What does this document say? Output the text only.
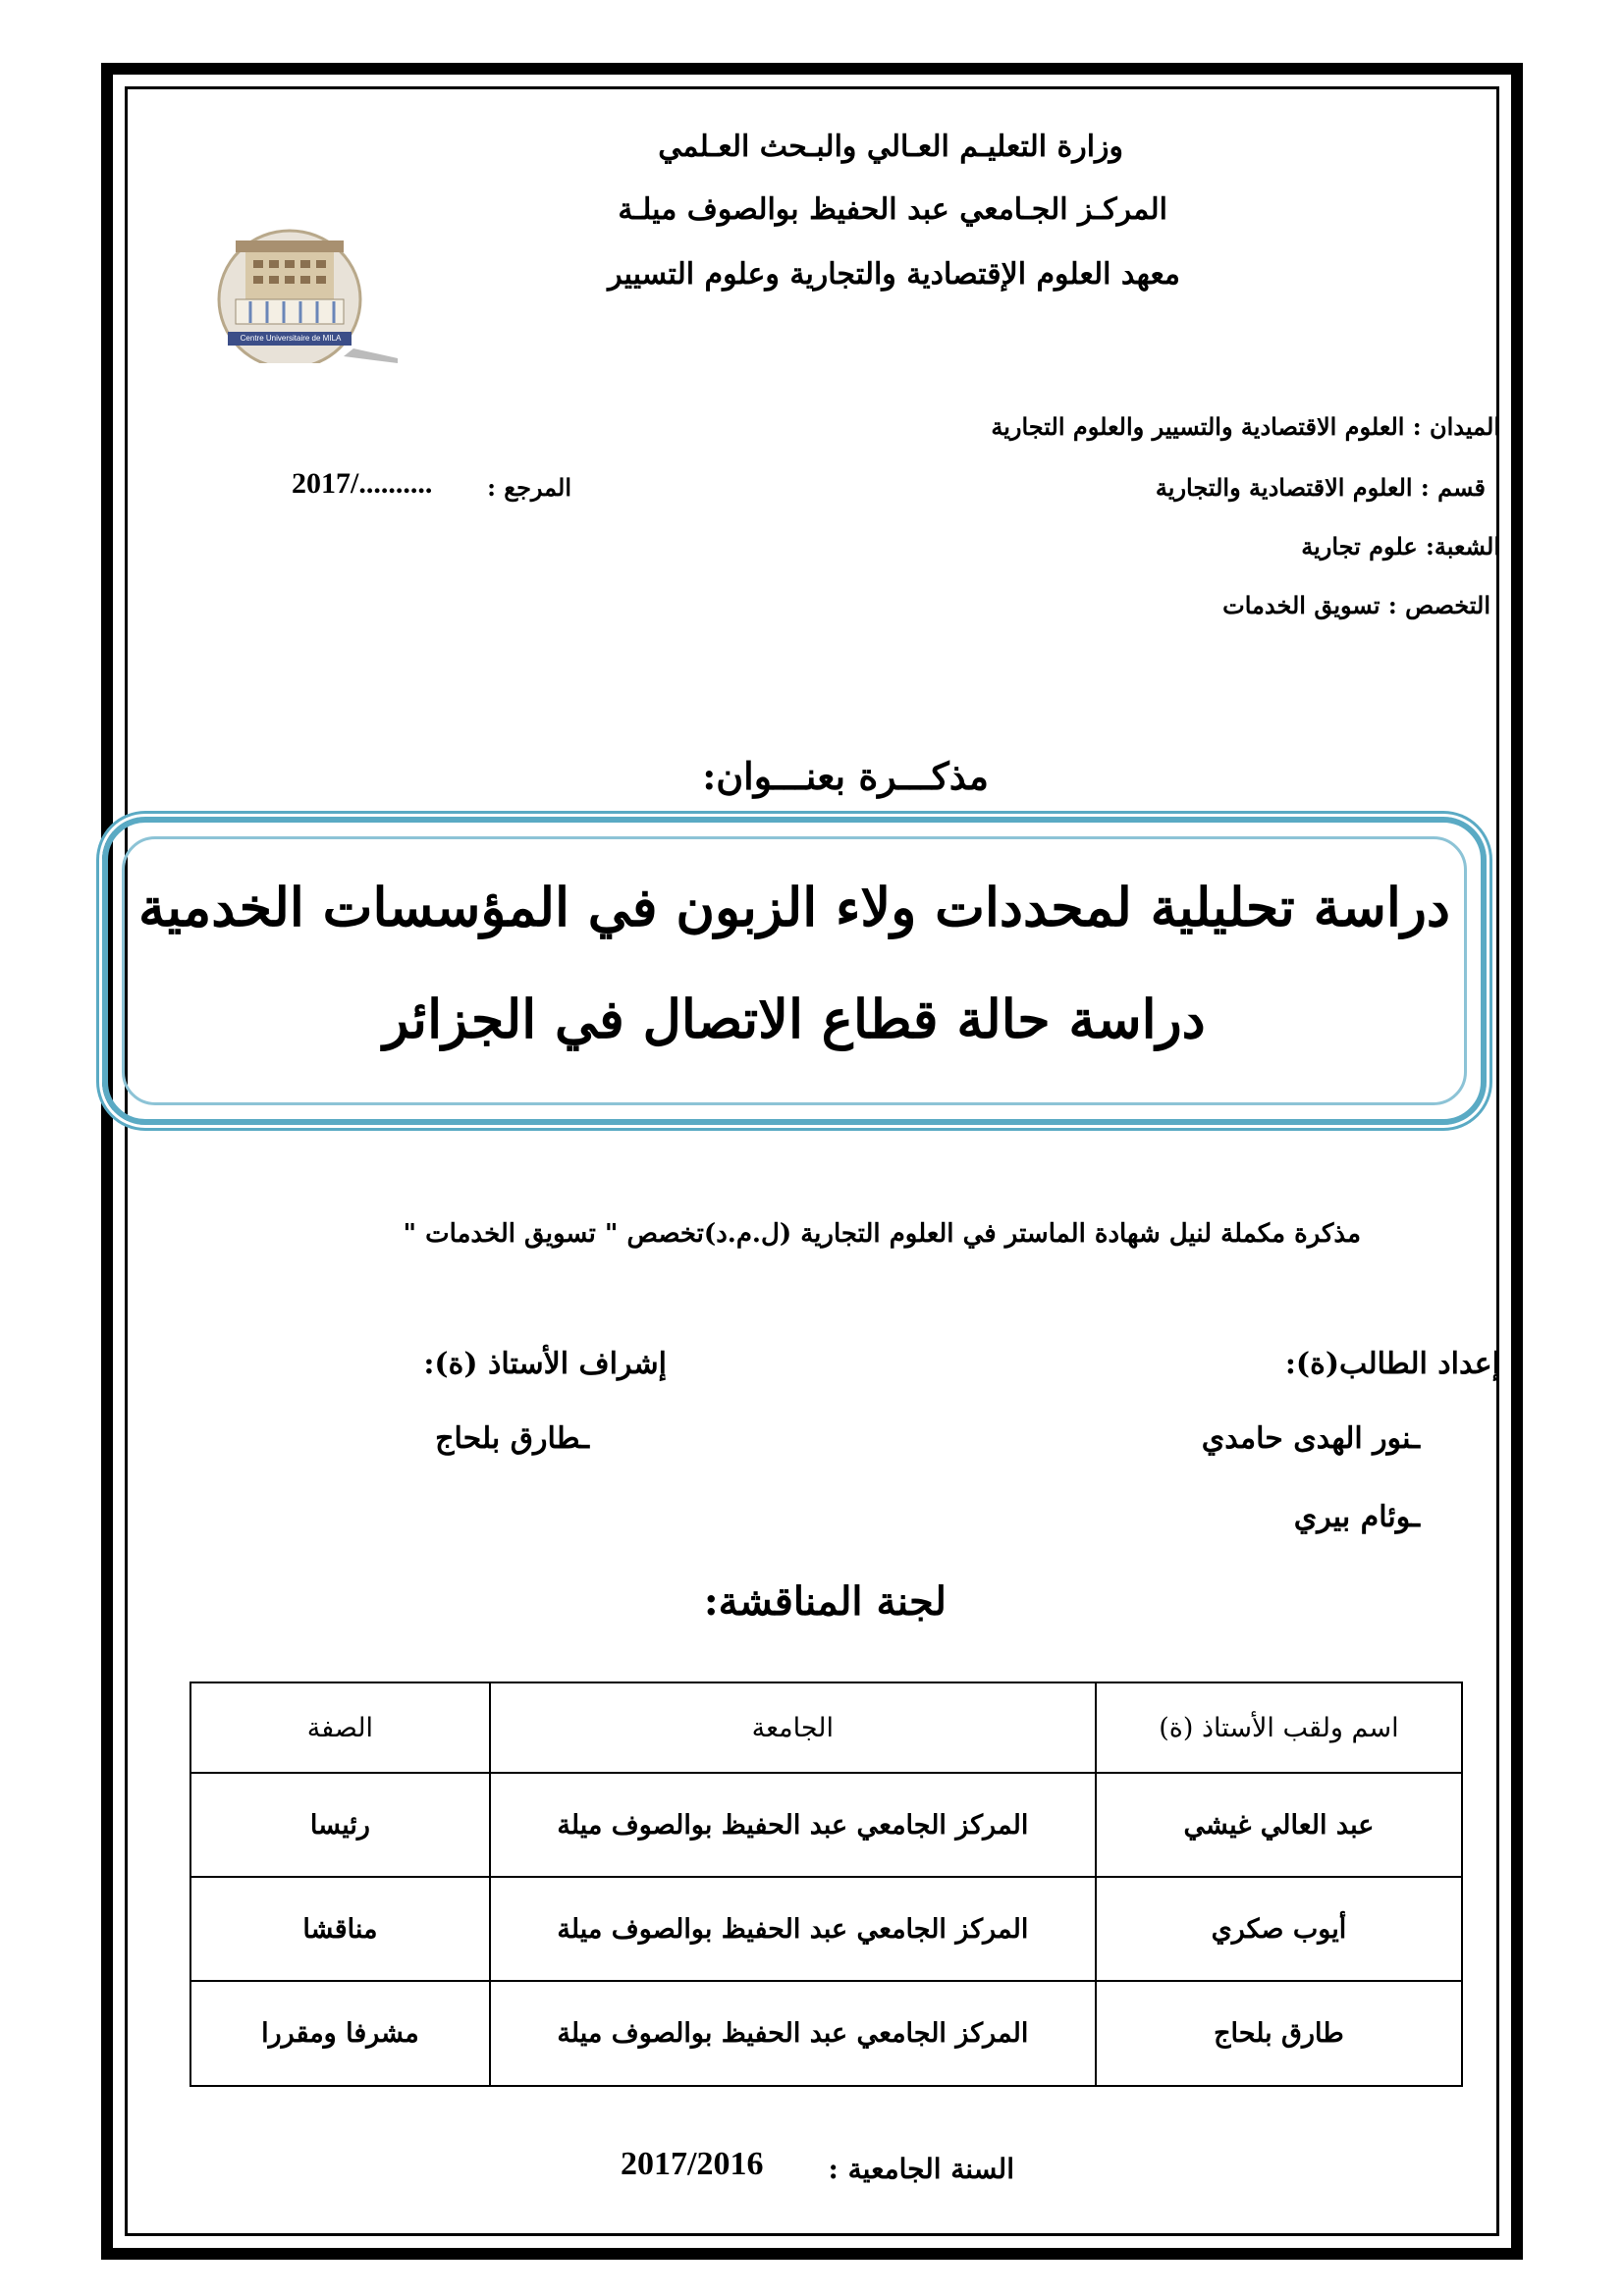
وزارة التعليـم العـالي والبـحث العـلمي
المركـز الجـامعي عبد الحفيظ بوالصوف ميلـة
معهد العلوم الإقتصادية والتجارية وعلوم التسيير
Centre Universitaire de MILA
الميدان : العلوم الاقتصادية والتسيير والعلوم التجارية
قسم : العلوم الاقتصادية والتجارية
الشعبة: علوم تجارية
التخصص : تسويق الخدمات
المرجع :
2017/..........
مذكـــرة بعنـــوان:
دراسة تحليلية لمحددات ولاء الزبون في المؤسسات الخدمية
دراسة حالة قطاع الاتصال في الجزائر
مذكرة مكملة لنيل شهادة الماستر في العلوم التجارية (ل.م.د)تخصص " تسويق الخدمات "
إعداد الطالب(ة):
إشراف الأستاذ (ة):
ـنور الهدى حامدي
ـوئام بيري
ـطارق بلحاج
لجنة المناقشة:
اسم ولقب الأستاذ (ة)	الجامعة	الصفة
عبد العالي غيشي	المركز الجامعي عبد الحفيظ بوالصوف ميلة	رئيسا
أيوب صكري	المركز الجامعي عبد الحفيظ بوالصوف ميلة	مناقشا
طارق بلحاج	المركز الجامعي عبد الحفيظ بوالصوف ميلة	مشرفا ومقررا
السنة الجامعية :
2017/2016
